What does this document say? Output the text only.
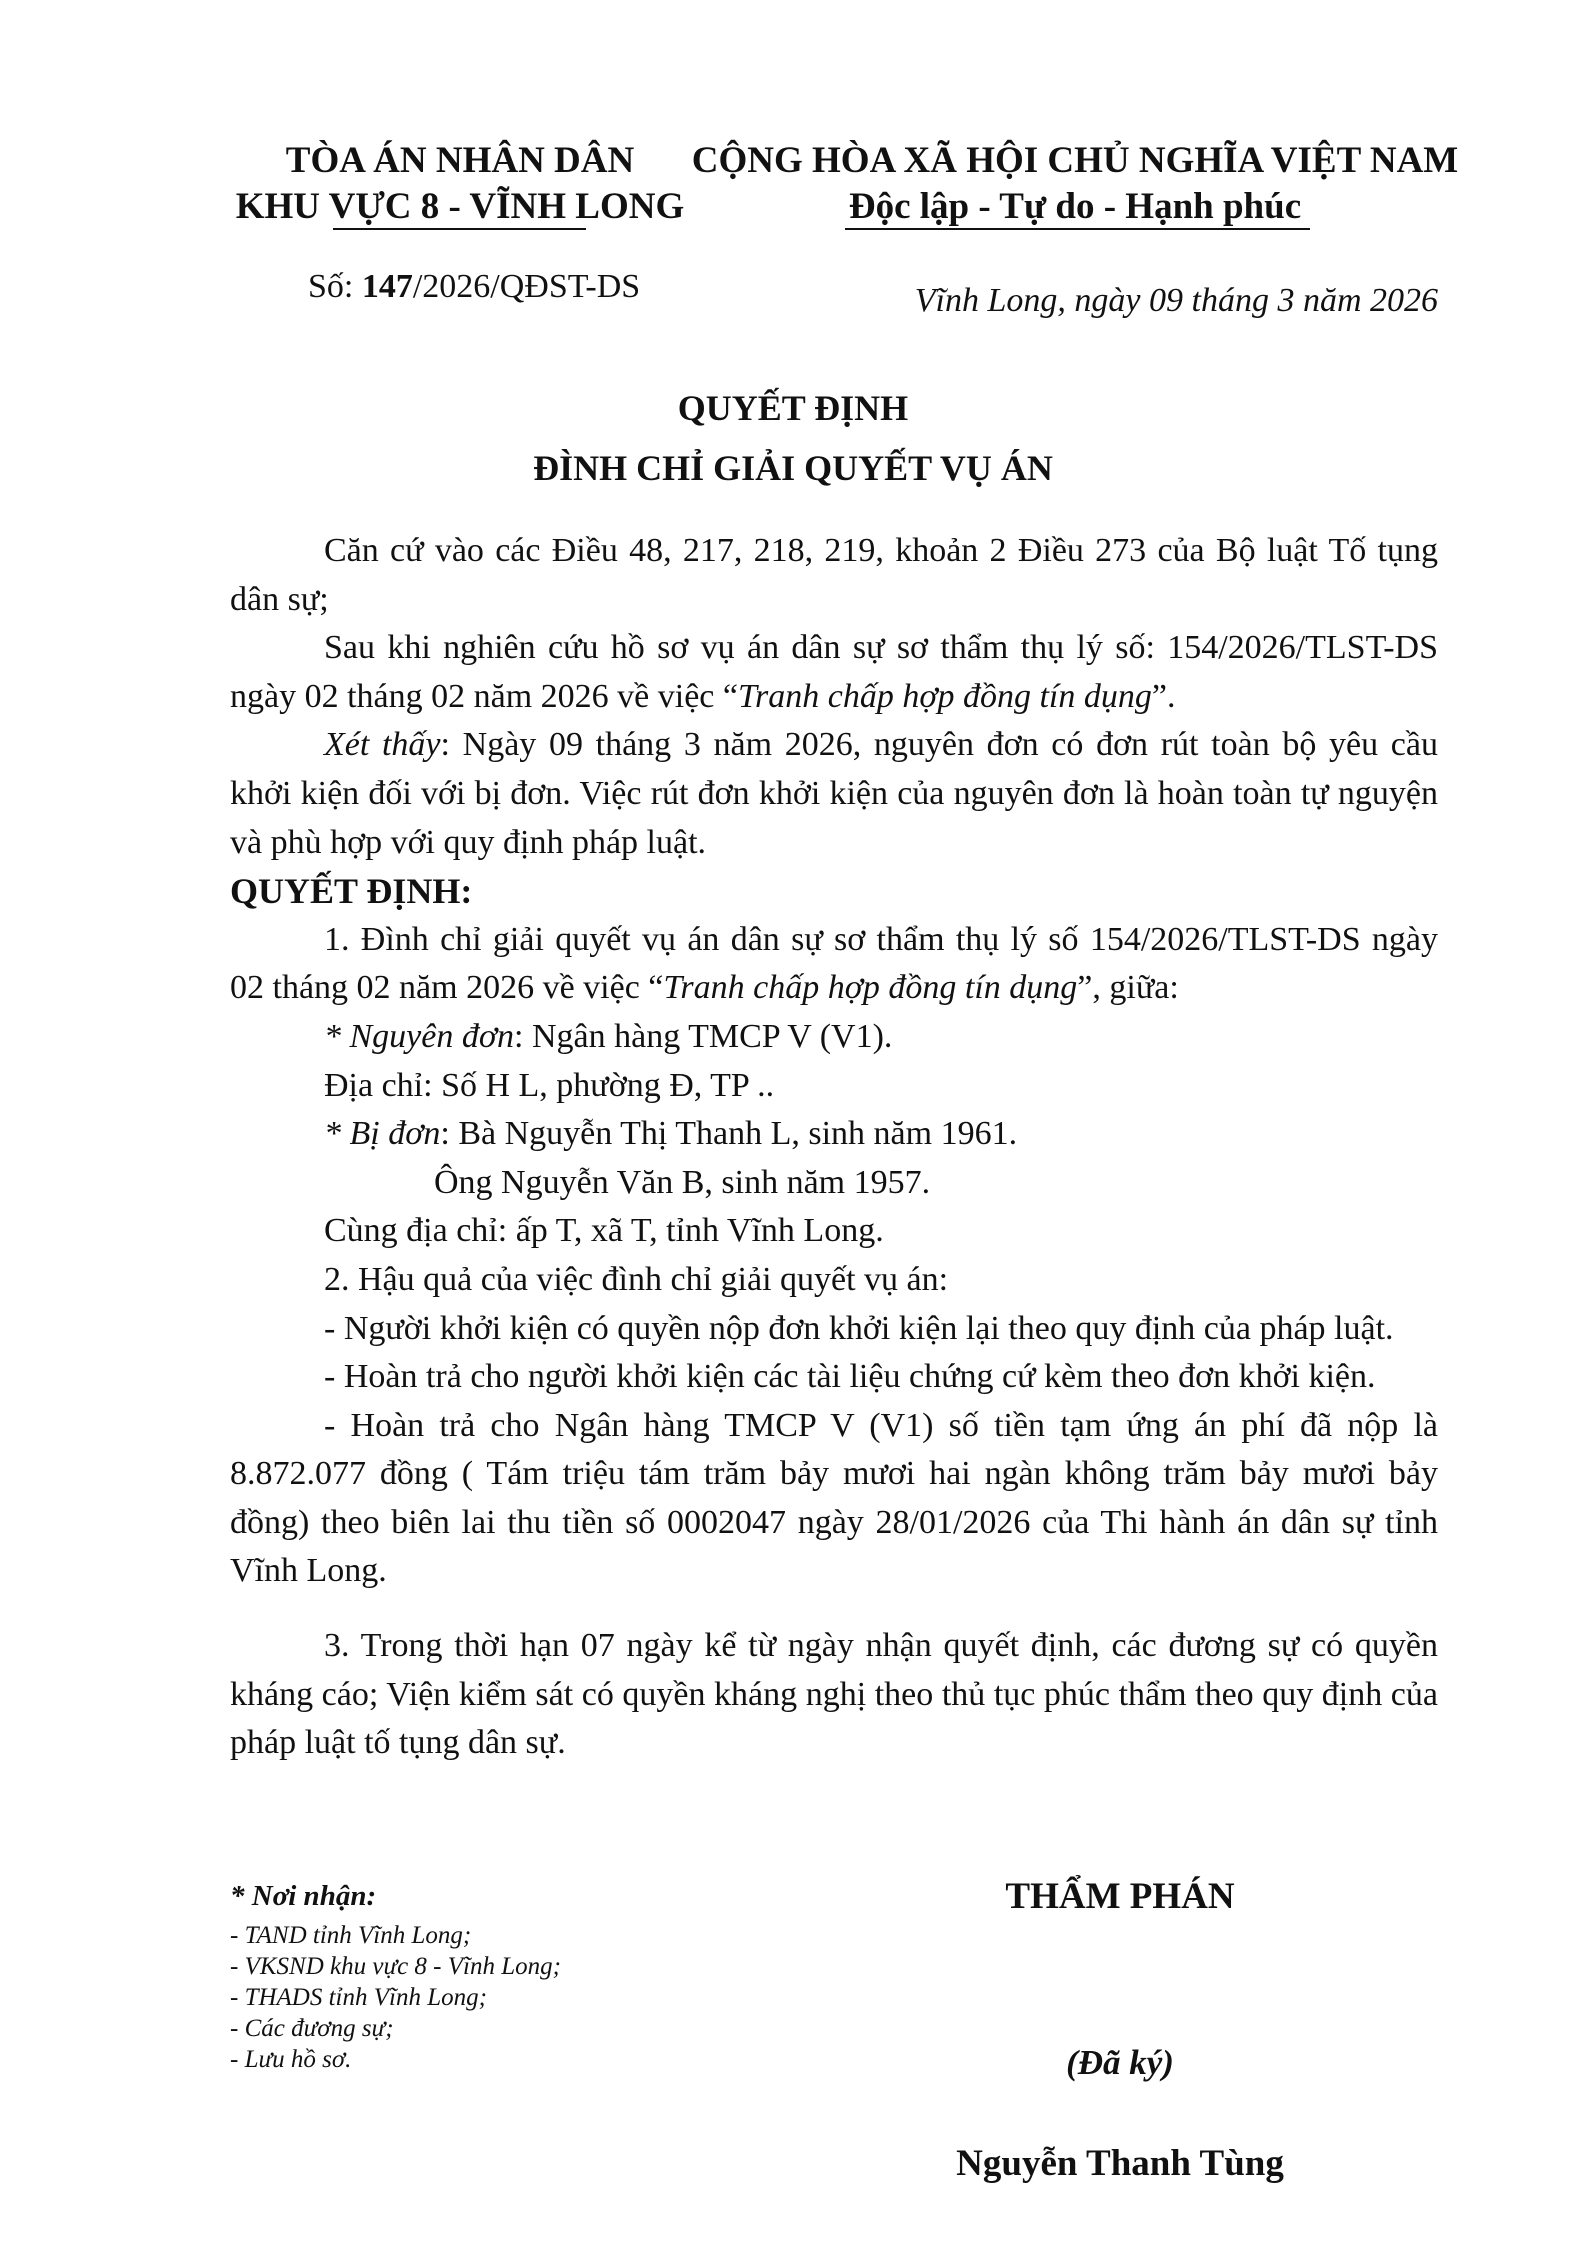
TÒA ÁN NHÂN DÂN
KHU VỰC 8 - VĨNH LONG
CỘNG HÒA XÃ HỘI CHỦ NGHĨA VIỆT NAM
Độc lập - Tự do - Hạnh phúc
Số: 147/2026/QĐST-DS	Vĩnh Long, ngày 09 tháng 3 năm 2026
QUYẾT ĐỊNH
ĐÌNH CHỈ GIẢI QUYẾT VỤ ÁN

Căn cứ vào các Điều 48, 217, 218, 219, khoản 2 Điều 273 của Bộ luật Tố tụng dân sự;

Sau khi nghiên cứu hồ sơ vụ án dân sự sơ thẩm thụ lý số: 154/2026/TLST-DS ngày 02 tháng 02 năm 2026 về việc “Tranh chấp hợp đồng tín dụng”.

Xét thấy: Ngày 09 tháng 3 năm 2026, nguyên đơn có đơn rút toàn bộ yêu cầu khởi kiện đối với bị đơn. Việc rút đơn khởi kiện của nguyên đơn là hoàn toàn tự nguyện và phù hợp với quy định pháp luật.

QUYẾT ĐỊNH:

1. Đình chỉ giải quyết vụ án dân sự sơ thẩm thụ lý số 154/2026/TLST-DS ngày 02 tháng 02 năm 2026 về việc “Tranh chấp hợp đồng tín dụng”, giữa:

* Nguyên đơn: Ngân hàng TMCP V (V1).

Địa chỉ: Số H L, phường Đ, TP ..

* Bị đơn: Bà Nguyễn Thị Thanh L, sinh năm 1961.

Ông Nguyễn Văn B, sinh năm 1957.

Cùng địa chỉ: ấp T, xã T, tỉnh Vĩnh Long.

2. Hậu quả của việc đình chỉ giải quyết vụ án:

- Người khởi kiện có quyền nộp đơn khởi kiện lại theo quy định của pháp luật.

- Hoàn trả cho người khởi kiện các tài liệu chứng cứ kèm theo đơn khởi kiện.

- Hoàn trả cho Ngân hàng TMCP V (V1) số tiền tạm ứng án phí đã nộp là 8.872.077 đồng ( Tám triệu tám trăm bảy mươi hai ngàn không trăm bảy mươi bảy đồng) theo biên lai thu tiền số 0002047 ngày 28/01/2026 của Thi hành án dân sự tỉnh Vĩnh Long.

3. Trong thời hạn 07 ngày kể từ ngày nhận quyết định, các đương sự có quyền kháng cáo; Viện kiểm sát có quyền kháng nghị theo thủ tục phúc thẩm theo quy định của pháp luật tố tụng dân sự.

* Nơi nhận:
- TAND tỉnh Vĩnh Long;
- VKSND khu vực 8 - Vĩnh Long;
- THADS tỉnh Vĩnh Long;
- Các đương sự;
- Lưu hồ sơ.
THẨM PHÁN
(Đã ký)
Nguyễn Thanh Tùng
